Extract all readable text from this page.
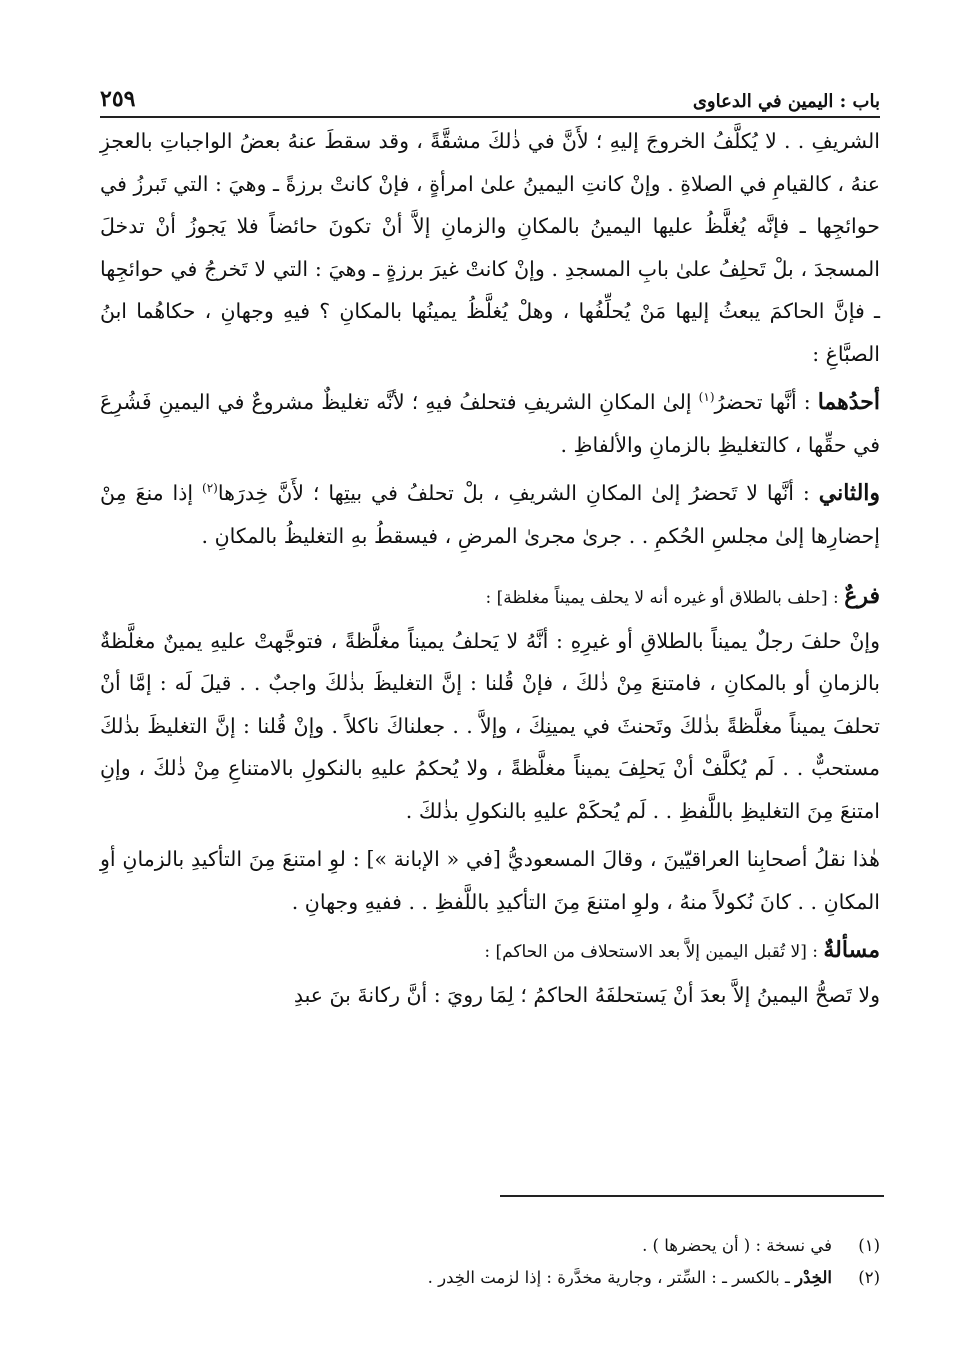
باب : اليمين في الدعاوى
٢٥٩

الشريفِ . . لا يُكلَّفُ الخروجَ إليهِ ؛ لأَنَّ في ذٰلكَ مشقَّةً ، وقد سقطَ عنهُ بعضُ الواجباتِ بالعجزِ عنهُ ، كالقيامِ في الصلاةِ . وإنْ كانتِ اليمينُ علىٰ امرأةٍ ، فإنْ كانتْ برزةً ـ وهيَ : التي تَبرزُ في حوائجِها ـ فإنَّه يُغلَّظُ عليها اليمينُ بالمكانِ والزمانِ إلاَّ أنْ تكونَ حائضاً فلا يَجوزُ أنْ تدخلَ المسجدَ ، بلْ تَحلِفُ علىٰ بابِ المسجدِ . وإنْ كانتْ غيرَ برزةٍ ـ وهيَ : التي لا تَخرجُ في حوائجِها ـ فإنَّ الحاكمَ يبعثُ إليها مَنْ يُحلِّفُها ، وهلْ يُغلَّظُ يمينُها بالمكانِ ؟ فيهِ وجهانِ ، حكاهُما ابنُ الصبَّاغِ :

أحدُهما : أنَّها تحضرُ$^{(١)}$ إلىٰ المكانِ الشريفِ فتحلفُ فيهِ ؛ لأنَّه تغليظٌ مشروعٌ في اليمينِ فَشُرِعَ في حقِّها ، كالتغليظِ بالزمانِ والألفاظِ .

والثاني : أنَّها لا تَحضرُ إلىٰ المكانِ الشريفِ ، بلْ تحلفُ في بيتِها ؛ لأَنَّ خِدرَها$^{(٢)}$ إذا منعَ مِنْ إحضارِها إلىٰ مجلسِ الحُكمِ . . جرىٰ مجرىٰ المرضِ ، فيسقطُ بهِ التغليظُ بالمكانِ .

فرعٌ : [حلف بالطلاق أو غيره أنه لا يحلف يميناً مغلظة] :

وإنْ حلفَ رجلٌ يميناً بالطلاقِ أو غيرِهِ : أنَّهُ لا يَحلفُ يميناً مغلَّظةً ، فتوجَّهتْ عليهِ يمينٌ مغلَّظةٌ بالزمانِ أو بالمكانِ ، فامتنعَ مِنْ ذٰلكَ ، فإنْ قُلنا : إنَّ التغليظَ بذٰلكَ واجبٌ . . قيلَ لَه : إمَّا أنْ تحلفَ يميناً مغلَّظةً بذٰلكَ وتَحنثَ في يمينِكَ ، وإلاَّ . . جعلناكَ ناكلاً . وإنْ قُلنا : إنَّ التغليظَ بذٰلكَ مستحبٌّ . . لَم يُكلَّفْ أنْ يَحلِفَ يميناً مغلَّظةً ، ولا يُحكمُ عليهِ بالنكولِ بالامتناعِ مِنْ ذٰلكَ ، وإنِ امتنعَ مِنَ التغليظِ باللَّفظِ . . لَم يُحكَمْ عليهِ بالنكولِ بذٰلكَ .

هٰذا نقلُ أصحابِنا العراقيّينَ ، وقالَ المسعوديُّ [في « الإبانة »] : لوِ امتنعَ مِنَ التأكيدِ بالزمانِ أوِ المكانِ . . كانَ نُكولاً منهُ ، ولوِ امتنعَ مِنَ التأكيدِ باللَّفظِ . . ففيهِ وجهانِ .

مسألةٌ : [لا تُقبل اليمين إلاَّ بعد الاستحلاف من الحاكم] :

ولا تَصحُّ اليمينُ إلاَّ بعدَ أنْ يَستحلفَهُ الحاكمُ ؛ لِمَا رويَ : أنَّ ركانةَ بنَ عبدِ

(١)
في نسخة : ( أن يحضرها ) .
(٢)
الخِدْر ـ بالكسر ـ : السِّتر ، وجارية مخدَّرة : إذا لزمت الخِدر .
